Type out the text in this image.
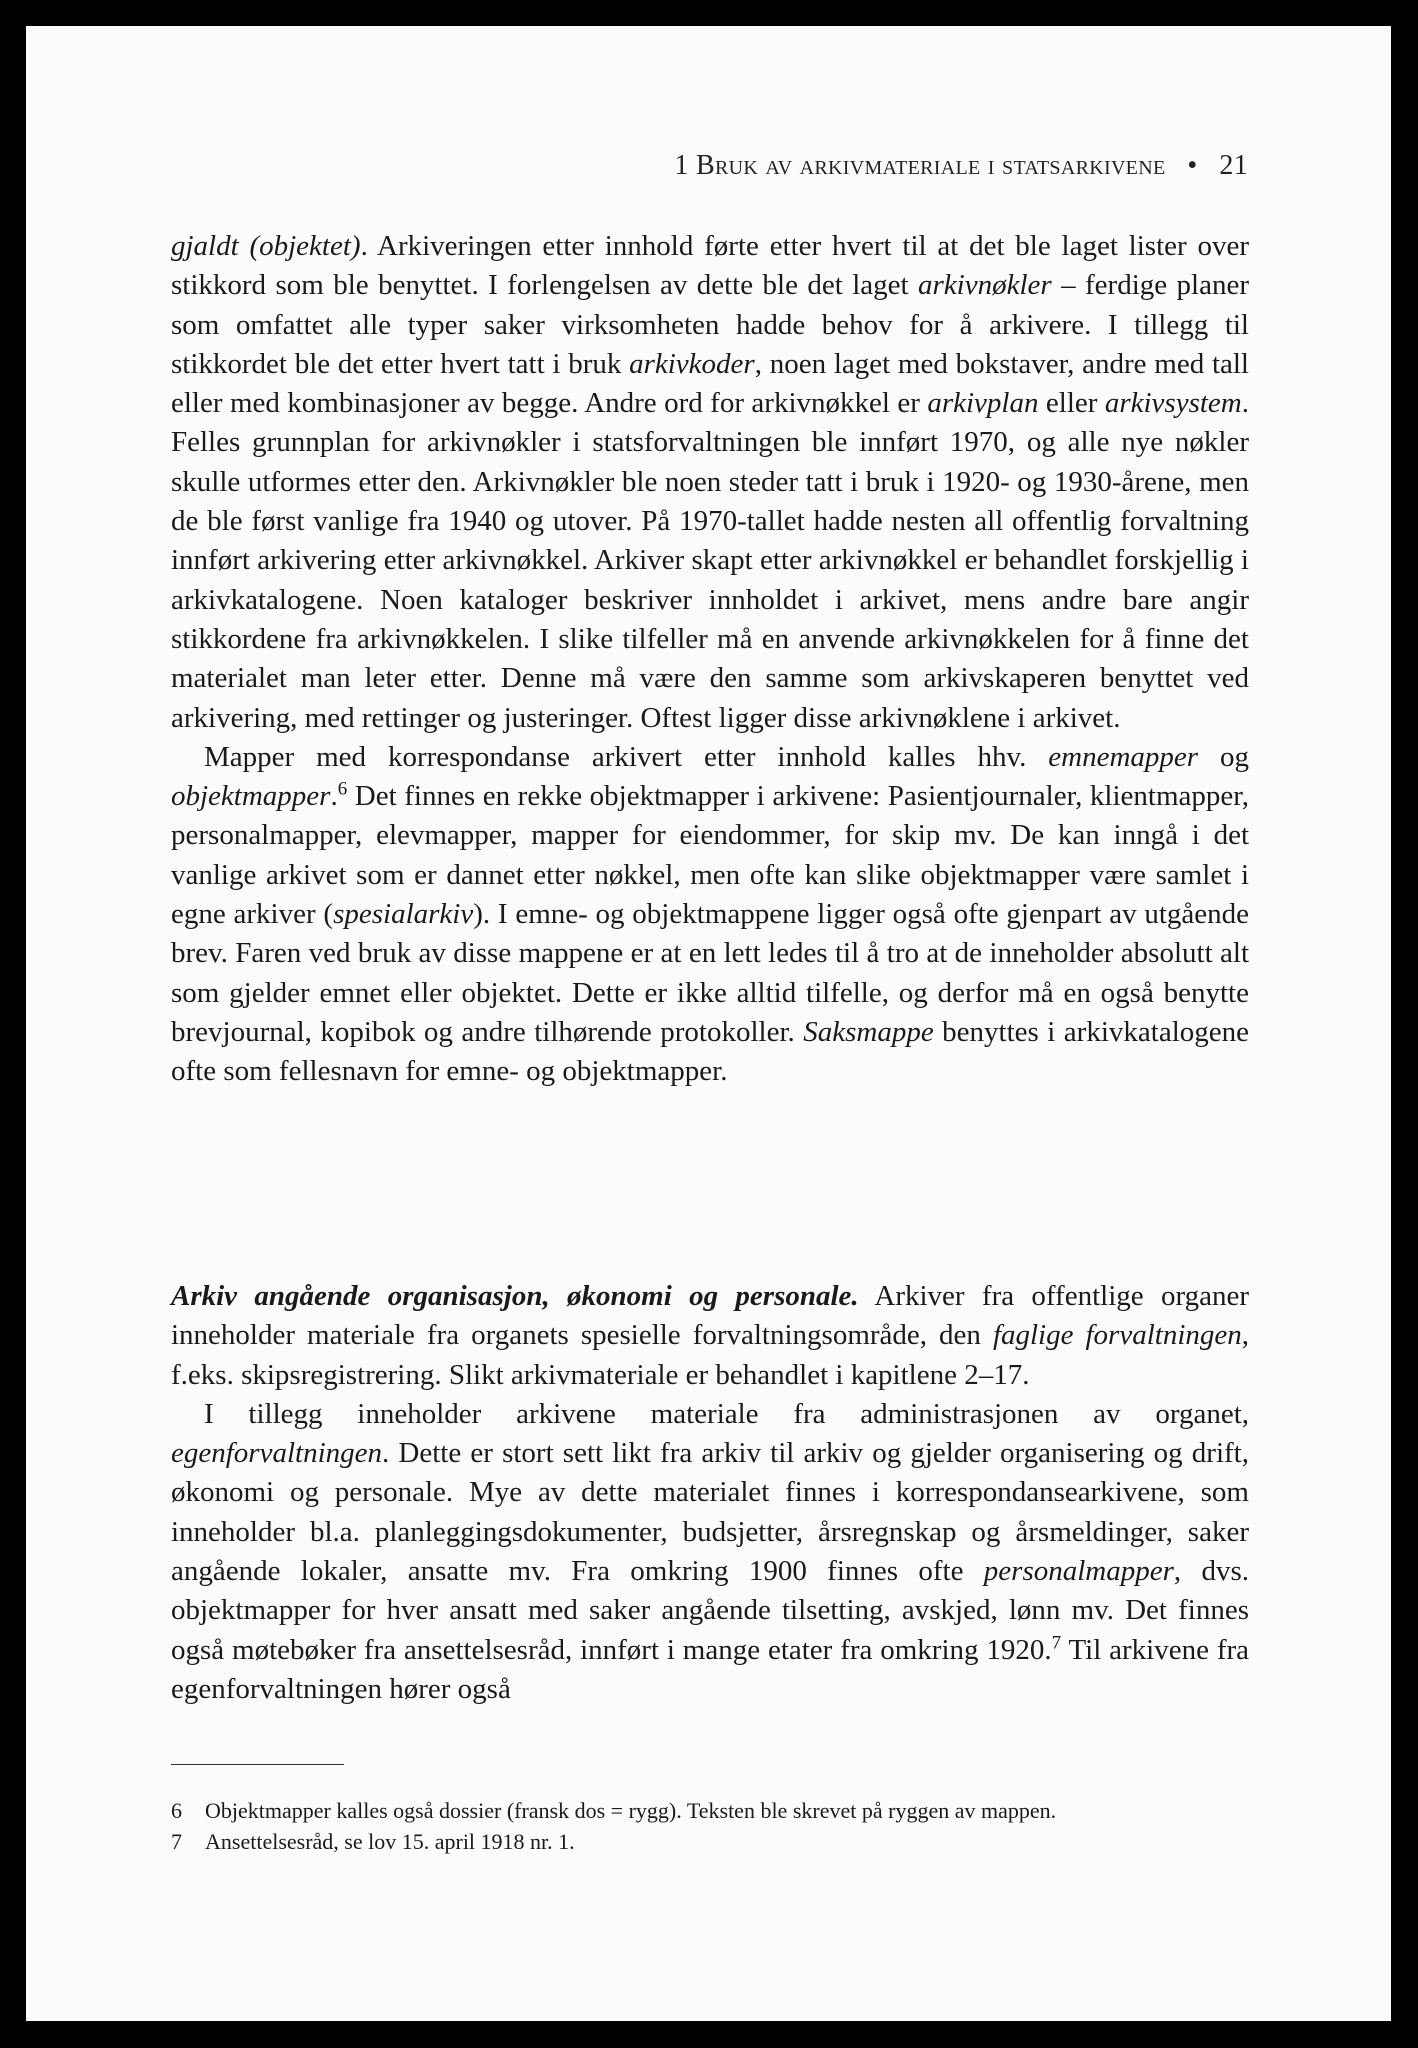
1 Bruk av arkivmateriale i statsarkivene • 21

gjaldt (objektet). Arkiveringen etter innhold førte etter hvert til at det ble laget lister over stikkord som ble benyttet. I forlengelsen av dette ble det laget arkivnøkler – ferdige planer som omfattet alle typer saker virksomheten hadde behov for å arkivere. I tillegg til stikkordet ble det etter hvert tatt i bruk arkivkoder, noen laget med bokstaver, andre med tall eller med kombinasjoner av begge. Andre ord for arkivnøkkel er arkivplan eller arkivsystem. Felles grunnplan for arkivnøkler i statsforvaltningen ble innført 1970, og alle nye nøkler skulle utformes etter den. Arkivnøkler ble noen steder tatt i bruk i 1920- og 1930-årene, men de ble først vanlige fra 1940 og utover. På 1970-tallet hadde nesten all offentlig forvaltning innført arkivering etter arkivnøkkel. Arkiver skapt etter arkivnøkkel er behandlet forskjellig i arkivkatalogene. Noen kataloger beskriver innholdet i arkivet, mens andre bare angir stikkordene fra arkivnøkkelen. I slike tilfeller må en anvende arkivnøkkelen for å finne det materialet man leter etter. Denne må være den samme som arkivskaperen benyttet ved arkivering, med rettinger og justeringer. Oftest ligger disse arkivnøklene i arkivet.

Mapper med korrespondanse arkivert etter innhold kalles hhv. emnemapper og objektmapper.$^6$ Det finnes en rekke objektmapper i arkivene: Pasientjournaler, klientmapper, personalmapper, elevmapper, mapper for eiendommer, for skip mv. De kan inngå i det vanlige arkivet som er dannet etter nøkkel, men ofte kan slike objektmapper være samlet i egne arkiver (spesialarkiv). I emne- og objektmappene ligger også ofte gjenpart av utgående brev. Faren ved bruk av disse mappene er at en lett ledes til å tro at de inneholder absolutt alt som gjelder emnet eller objektet. Dette er ikke alltid tilfelle, og derfor må en også benytte brevjournal, kopibok og andre tilhørende protokoller. Saksmappe benyttes i arkivkatalogene ofte som fellesnavn for emne- og objektmapper.

Arkiv angående organisasjon, økonomi og personale. Arkiver fra offentlige organer inneholder materiale fra organets spesielle forvaltningsområde, den faglige forvaltningen, f.eks. skipsregistrering. Slikt arkivmateriale er behandlet i kapitlene 2–17.

I tillegg inneholder arkivene materiale fra administrasjonen av organet, egenforvaltningen. Dette er stort sett likt fra arkiv til arkiv og gjelder organisering og drift, økonomi og personale. Mye av dette materialet finnes i korrespondansearkivene, som inneholder bl.a. planleggingsdokumenter, budsjetter, årsregnskap og årsmeldinger, saker angående lokaler, ansatte mv. Fra omkring 1900 finnes ofte personalmapper, dvs. objektmapper for hver ansatt med saker angående tilsetting, avskjed, lønn mv. Det finnes også møtebøker fra ansettelsesråd, innført i mange etater fra omkring 1920.$^7$ Til arkivene fra egenforvaltningen hører også

6 Objektmapper kalles også dossier (fransk dos = rygg). Teksten ble skrevet på ryggen av mappen.
7 Ansettelsesråd, se lov 15. april 1918 nr. 1.
